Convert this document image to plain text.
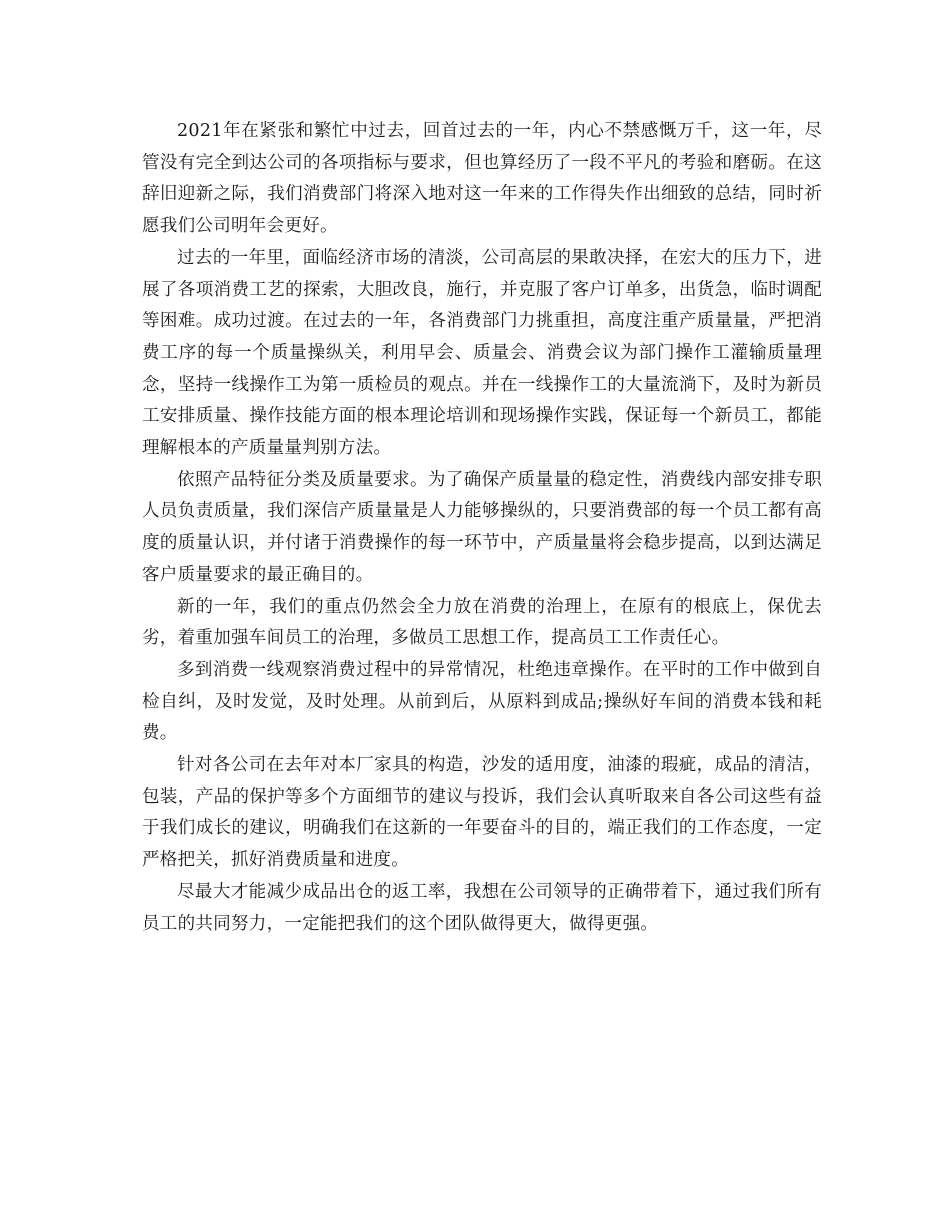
2021年在紧张和繁忙中过去，回首过去的一年，内心不禁感慨万千，这一年，尽管没有完全到达公司的各项指标与要求，但也算经历了一段不平凡的考验和磨砺。在这辞旧迎新之际，我们消费部门将深入地对这一年来的工作得失作出细致的总结，同时祈愿我们公司明年会更好。

过去的一年里，面临经济市场的清淡，公司高层的果敢决择，在宏大的压力下，进展了各项消费工艺的探索，大胆改良，施行，并克服了客户订单多，出货急，临时调配等困难。成功过渡。在过去的一年，各消费部门力挑重担，高度注重产质量量，严把消费工序的每一个质量操纵关，利用早会、质量会、消费会议为部门操作工灌输质量理念，坚持一线操作工为第一质检员的观点。并在一线操作工的大量流淌下，及时为新员工安排质量、操作技能方面的根本理论培训和现场操作实践，保证每一个新员工，都能理解根本的产质量量判别方法。

依照产品特征分类及质量要求。为了确保产质量量的稳定性，消费线内部安排专职人员负责质量，我们深信产质量量是人力能够操纵的，只要消费部的每一个员工都有高度的质量认识，并付诸于消费操作的每一环节中，产质量量将会稳步提高，以到达满足客户质量要求的最正确目的。

新的一年，我们的重点仍然会全力放在消费的治理上，在原有的根底上，保优去劣，着重加强车间员工的治理，多做员工思想工作，提高员工工作责任心。

多到消费一线观察消费过程中的异常情况，杜绝违章操作。在平时的工作中做到自检自纠，及时发觉，及时处理。从前到后，从原料到成品;操纵好车间的消费本钱和耗费。

针对各公司在去年对本厂家具的构造，沙发的适用度，油漆的瑕疵，成品的清洁，包装，产品的保护等多个方面细节的建议与投诉，我们会认真听取来自各公司这些有益于我们成长的建议，明确我们在这新的一年要奋斗的目的，端正我们的工作态度，一定严格把关，抓好消费质量和进度。

尽最大才能减少成品出仓的返工率，我想在公司领导的正确带着下，通过我们所有员工的共同努力，一定能把我们的这个团队做得更大，做得更强。
